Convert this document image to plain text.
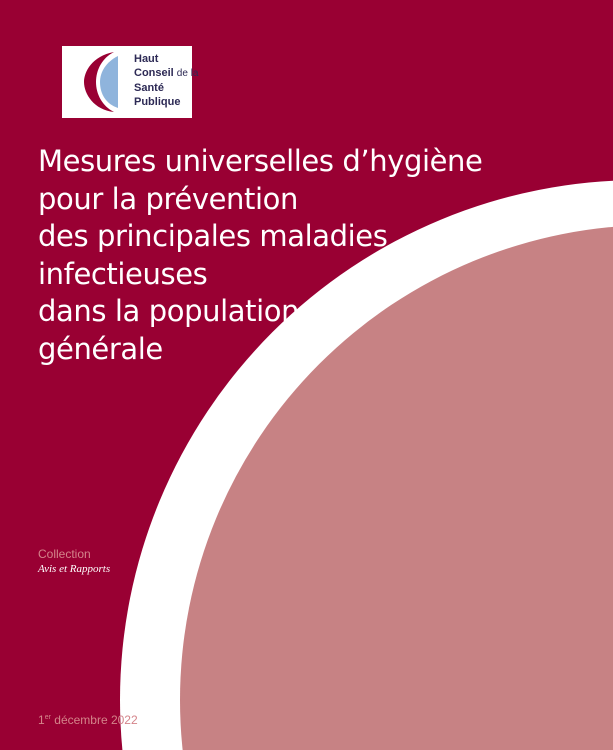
Haut
Conseil de la
Santé
Publique
Mesures universelles d’hygiène
pour la prévention
des principales maladies
infectieuses
dans la population
générale
Collection
Avis et Rapports
1er décembre 2022
